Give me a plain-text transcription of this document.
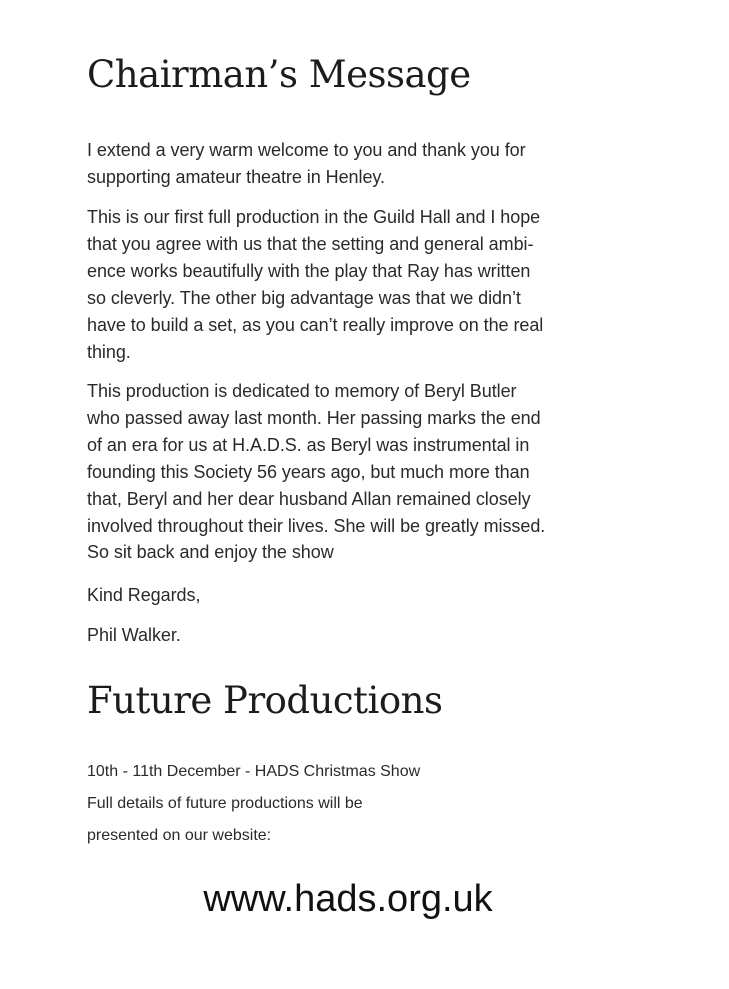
Chairman’s Message

I extend a very warm welcome to you and thank you for
supporting amateur theatre in Henley.

This is our first full production in the Guild Hall and I hope
that you agree with us that the setting and general ambi-
ence works beautifully with the play that Ray has written
so cleverly. The other big advantage was that we didn’t
have to build a set, as you can’t really improve on the real
thing.

This production is dedicated to memory of Beryl Butler
who passed away last month. Her passing marks the end
of an era for us at H.A.D.S. as Beryl was instrumental in
founding this Society 56 years ago, but much more than
that, Beryl and her dear husband Allan remained closely
involved throughout their lives. She will be greatly missed.
So sit back and enjoy the show

Kind Regards,

Phil Walker.

Future Productions

10th - 11th December - HADS Christmas Show

Full details of future productions will be

presented on our website:

www.hads.org.uk
